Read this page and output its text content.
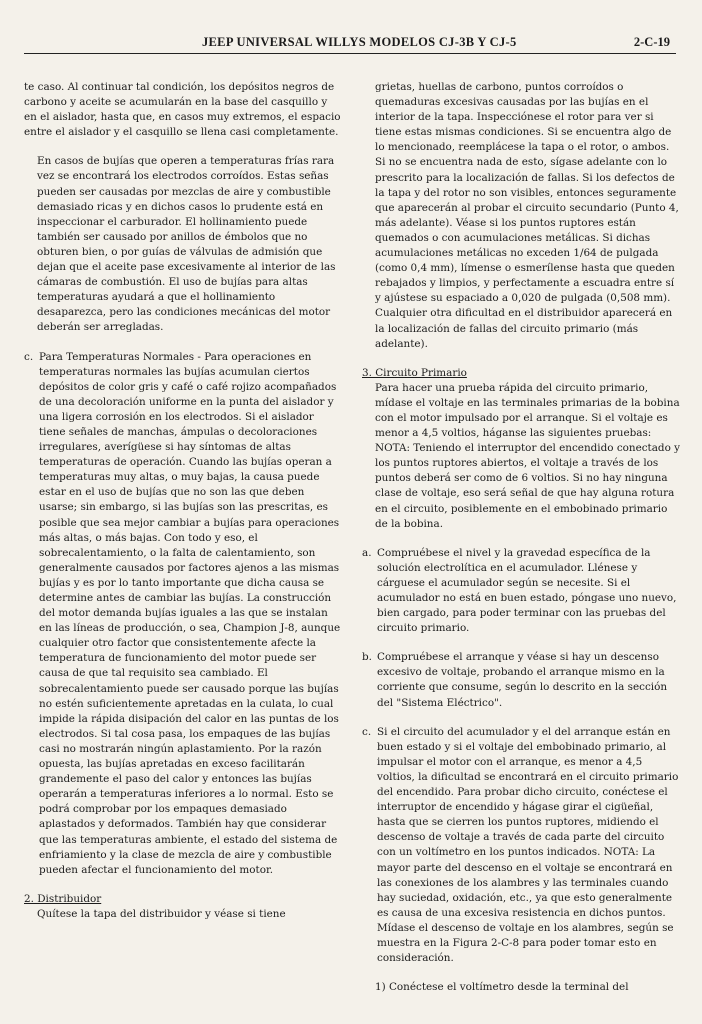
JEEP UNIVERSAL WILLYS MODELOS CJ-3B Y CJ-5	2-C-19

te caso. Al continuar tal condición, los depósitos negros de carbono y aceite se acumularán en la base del casquillo y en el aislador, hasta que, en casos muy extremos, el espacio entre el aislador y el casquillo se llena casi completamente.

En casos de bujías que operen a temperaturas frías rara vez se encontrará los electrodos corroídos. Estas señas pueden ser causadas por mezclas de aire y combustible demasiado ricas y en dichos casos lo prudente está en inspeccionar el carburador. El hollinamiento puede también ser causado por anillos de émbolos que no obturen bien, o por guías de válvulas de admisión que dejan que el aceite pase excesivamente al interior de las cámaras de combustión. El uso de bujías para altas temperaturas ayudará a que el hollinamiento desaparezca, pero las condiciones mecánicas del motor deberán ser arregladas.

c. Para Temperaturas Normales - Para operaciones en temperaturas normales las bujías acumulan ciertos depósitos de color gris y café o café rojizo acompañados de una decoloración uniforme en la punta del aislador y una ligera corrosión en los electrodos. Si el aislador tiene señales de manchas, ámpulas o decoloraciones irregulares, averígüese si hay síntomas de altas temperaturas de operación. Cuando las bujías operan a temperaturas muy altas, o muy bajas, la causa puede estar en el uso de bujías que no son las que deben usarse; sin embargo, si las bujías son las prescritas, es posible que sea mejor cambiar a bujías para operaciones más altas, o más bajas. Con todo y eso, el sobrecalentamiento, o la falta de calentamiento, son generalmente causados por factores ajenos a las mismas bujías y es por lo tanto importante que dicha causa se determine antes de cambiar las bujías. La construcción del motor demanda bujías iguales a las que se instalan en las líneas de producción, o sea, Champion J-8, aunque cualquier otro factor que consistentemente afecte la temperatura de funcionamiento del motor puede ser causa de que tal requisito sea cambiado. El sobrecalentamiento puede ser causado porque las bujías no estén suficientemente apretadas en la culata, lo cual impide la rápida disipación del calor en las puntas de los electrodos. Si tal cosa pasa, los empaques de las bujías casi no mostrarán ningún aplastamiento. Por la razón opuesta, las bujías apretadas en exceso facilitarán grandemente el paso del calor y entonces las bujías operarán a temperaturas inferiores a lo normal. Esto se podrá comprobar por los empaques demasiado aplastados y deformados. También hay que considerar que las temperaturas ambiente, el estado del sistema de enfriamiento y la clase de mezcla de aire y combustible pueden afectar el funcionamiento del motor.
2. Distribuidor
Quítese la tapa del distribuidor y véase si tiene

grietas, huellas de carbono, puntos corroídos o quemaduras excesivas causadas por las bujías en el interior de la tapa. Inspecciónese el rotor para ver si tiene estas mismas condiciones. Si se encuentra algo de lo mencionado, reemplácese la tapa o el rotor, o ambos. Si no se encuentra nada de esto, sígase adelante con lo prescrito para la localización de fallas. Si los defectos de la tapa y del rotor no son visibles, entonces seguramente que aparecerán al probar el circuito secundario (Punto 4, más adelante). Véase si los puntos ruptores están quemados o con acumulaciones metálicas. Si dichas acumulaciones metálicas no exceden 1/64 de pulgada (como 0,4 mm), límense o esmerílense hasta que queden rebajados y limpios, y perfectamente a escuadra entre sí y ajústese su espaciado a 0,020 de pulgada (0,508 mm). Cualquier otra dificultad en el distribuidor aparecerá en la localización de fallas del circuito primario (más adelante).

3. Circuito Primario
Para hacer una prueba rápida del circuito primario, mídase el voltaje en las terminales primarias de la bobina con el motor impulsado por el arranque. Si el voltaje es menor a 4,5 voltios, háganse las siguientes pruebas: NOTA: Teniendo el interruptor del encendido conectado y los puntos ruptores abiertos, el voltaje a través de los puntos deberá ser como de 6 voltios. Si no hay ninguna clase de voltaje, eso será señal de que hay alguna rotura en el circuito, posiblemente en el embobinado primario de la bobina.
a. Compruébese el nivel y la gravedad específica de la solución electrolítica en el acumulador. Llénese y cárguese el acumulador según se necesite. Si el acumulador no está en buen estado, póngase uno nuevo, bien cargado, para poder terminar con las pruebas del circuito primario.
b. Compruébese el arranque y véase si hay un descenso excesivo de voltaje, probando el arranque mismo en la corriente que consume, según lo descrito en la sección del "Sistema Eléctrico".
c. Si el circuito del acumulador y el del arranque están en buen estado y si el voltaje del embobinado primario, al impulsar el motor con el arranque, es menor a 4,5 voltios, la dificultad se encontrará en el circuito primario del encendido. Para probar dicho circuito, conéctese el interruptor de encendido y hágase girar el cigüeñal, hasta que se cierren los puntos ruptores, midiendo el descenso de voltaje a través de cada parte del circuito con un voltímetro en los puntos indicados. NOTA: La mayor parte del descenso en el voltaje se encontrará en las conexiones de los alambres y las terminales cuando hay suciedad, oxidación, etc., ya que esto generalmente es causa de una excesiva resistencia en dichos puntos. Mídase el descenso de voltaje en los alambres, según se muestra en la Figura 2-C-8 para poder tomar esto en consideración.

1) Conéctese el voltímetro desde la terminal del
